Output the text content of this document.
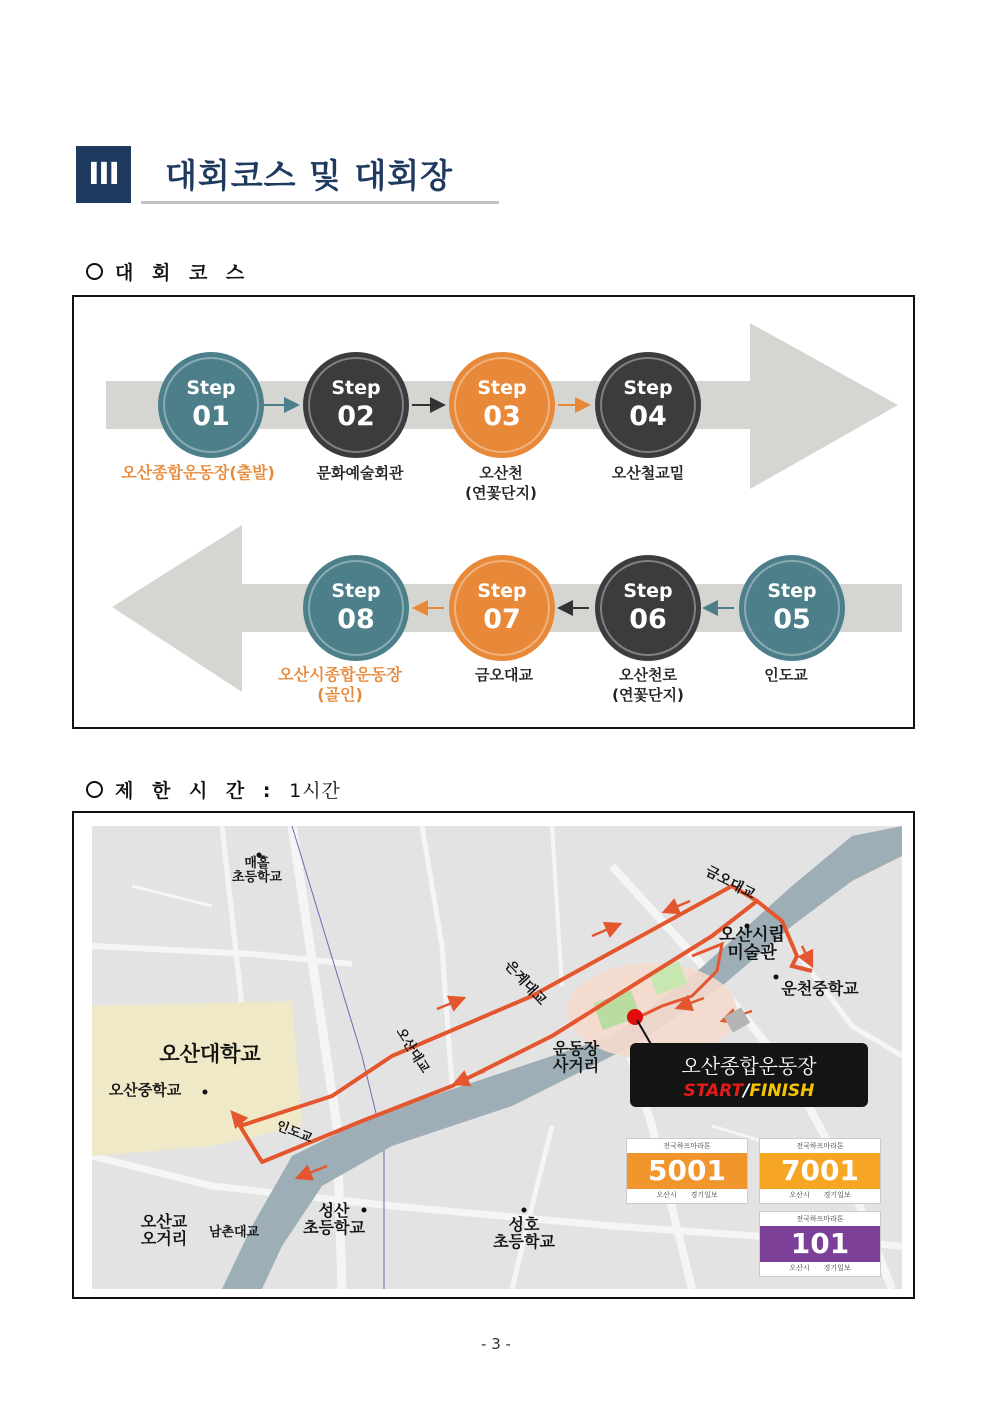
III	대회코스 및 대회장
대 회 코 스
Step
01
Step
02
Step
03
Step
04
Step
05
Step
06
Step
07
Step
08
오산종합운동장(출발)	문화예술회관	오산천
(연꽃단지)
오산철교밑
인도교
오산천로
(연꽃단지)
금오대교
오산시종합운동장
(골인)
제 한 시 간 : 1시간
매홀
초등학교	금오대교
오산시립
미술관
운천중학교
은계대교
오산대교
오산대학교
오산중학교
운동장
사거리
인도교
오산교
오거리 남촌대교
성산
초등학교	성호
초등학교
오산종합운동장
START/FINISH
전국하프마라톤
5001
오산시 경기일보
전국하프마라톤
7001
오산시 경기일보
전국하프마라톤
101
오산시 경기일보
- 3 -
